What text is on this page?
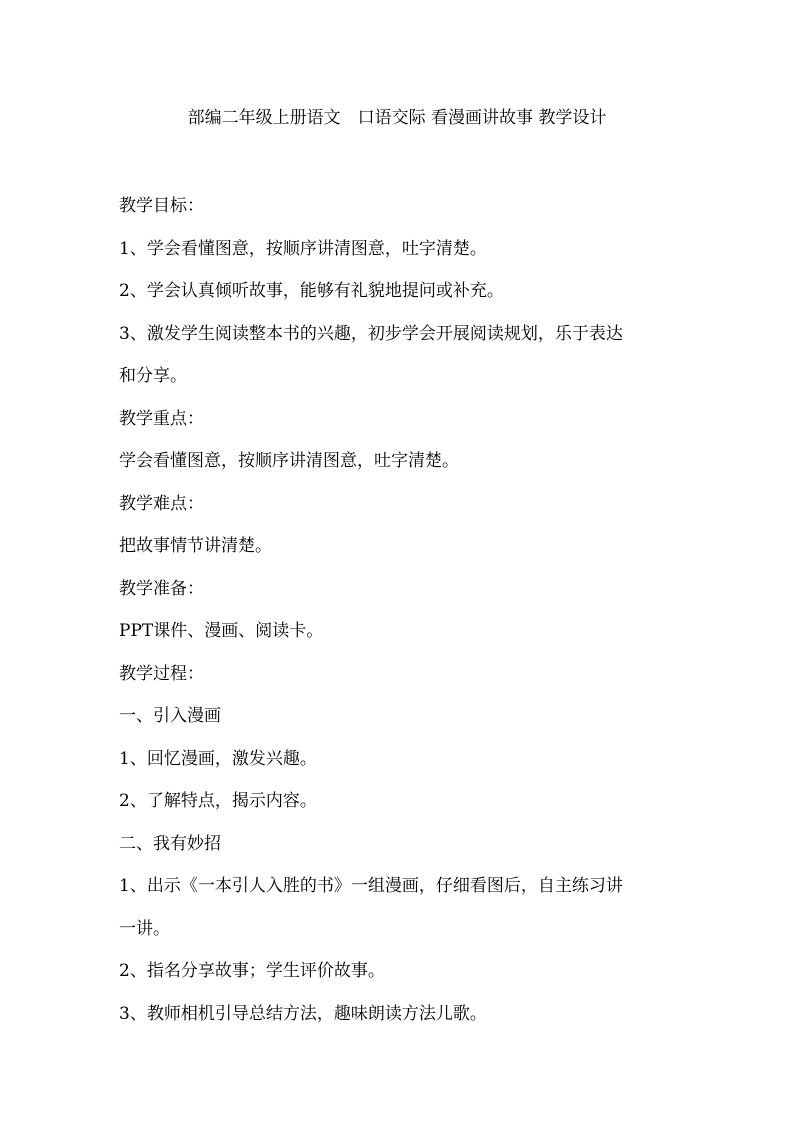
部编二年级上册语文　口语交际 看漫画讲故事 教学设计
教学目标：
1、学会看懂图意，按顺序讲清图意，吐字清楚。
2、学会认真倾听故事，能够有礼貌地提问或补充。
3、激发学生阅读整本书的兴趣，初步学会开展阅读规划，乐于表达
和分享。
教学重点：
学会看懂图意，按顺序讲清图意，吐字清楚。
教学难点：
把故事情节讲清楚。
教学准备：
PPT课件、漫画、阅读卡。
教学过程：
一、引入漫画
1、回忆漫画，激发兴趣。
2、了解特点，揭示内容。
二、我有妙招
1、出示《一本引人入胜的书》一组漫画，仔细看图后，自主练习讲
一讲。
2、指名分享故事；学生评价故事。
3、教师相机引导总结方法，趣味朗读方法儿歌。
